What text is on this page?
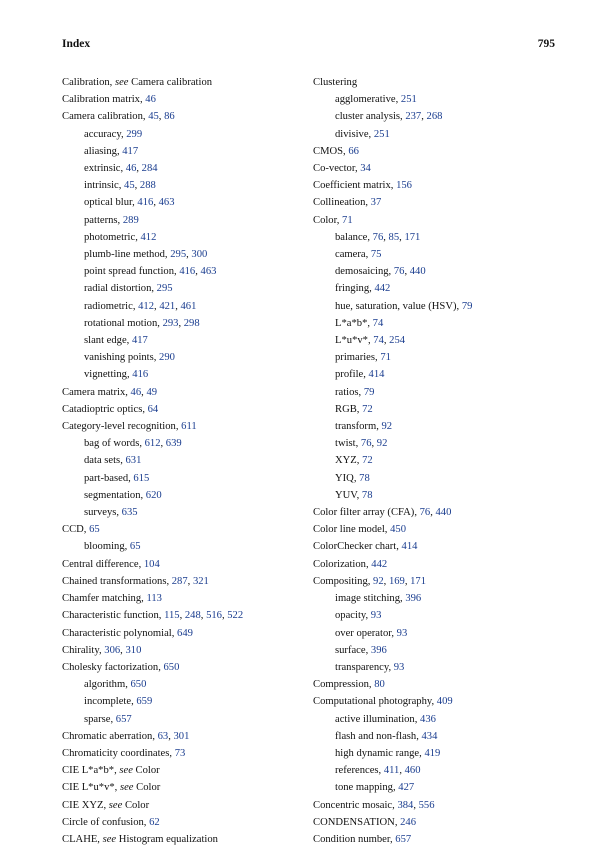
Index	795
Calibration, see Camera calibration
Calibration matrix, 46
Camera calibration, 45, 86
accuracy, 299
aliasing, 417
extrinsic, 46, 284
intrinsic, 45, 288
optical blur, 416, 463
patterns, 289
photometric, 412
plumb-line method, 295, 300
point spread function, 416, 463
radial distortion, 295
radiometric, 412, 421, 461
rotational motion, 293, 298
slant edge, 417
vanishing points, 290
vignetting, 416
Camera matrix, 46, 49
Catadioptric optics, 64
Category-level recognition, 611
bag of words, 612, 639
data sets, 631
part-based, 615
segmentation, 620
surveys, 635
CCD, 65
blooming, 65
Central difference, 104
Chained transformations, 287, 321
Chamfer matching, 113
Characteristic function, 115, 248, 516, 522
Characteristic polynomial, 649
Chirality, 306, 310
Cholesky factorization, 650
algorithm, 650
incomplete, 659
sparse, 657
Chromatic aberration, 63, 301
Chromaticity coordinates, 73
CIE L*a*b*, see Color
CIE L*u*v*, see Color
CIE XYZ, see Color
Circle of confusion, 62
CLAHE, see Histogram equalization
Clustering
agglomerative, 251
cluster analysis, 237, 268
divisive, 251
CMOS, 66
Co-vector, 34
Coefficient matrix, 156
Collineation, 37
Color, 71
balance, 76, 85, 171
camera, 75
demosaicing, 76, 440
fringing, 442
hue, saturation, value (HSV), 79
L*a*b*, 74
L*u*v*, 74, 254
primaries, 71
profile, 414
ratios, 79
RGB, 72
transform, 92
twist, 76, 92
XYZ, 72
YIQ, 78
YUV, 78
Color filter array (CFA), 76, 440
Color line model, 450
ColorChecker chart, 414
Colorization, 442
Compositing, 92, 169, 171
image stitching, 396
opacity, 93
over operator, 93
surface, 396
transparency, 93
Compression, 80
Computational photography, 409
active illumination, 436
flash and non-flash, 434
high dynamic range, 419
references, 411, 460
tone mapping, 427
Concentric mosaic, 384, 556
CONDENSATION, 246
Condition number, 657
